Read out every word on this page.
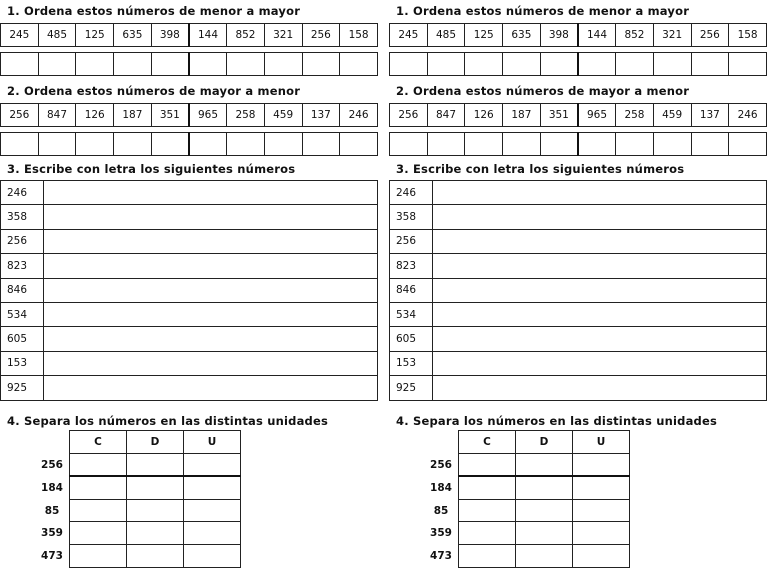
1. Ordena estos números de menor a mayor
245	485	125	635	398	144	852	321	256	158

2. Ordena estos números de mayor a menor
256	847	126	187	351	965	258	459	137	246

3. Escribe con letra los siguientes números
246	
358	
256	
823	
846	
534	
605	
153	
925	
4. Separa los números en las distintas unidades
	C	D	U
256			
184			
85			
359			
473			
1. Ordena estos números de menor a mayor
245	485	125	635	398	144	852	321	256	158

2. Ordena estos números de mayor a menor
256	847	126	187	351	965	258	459	137	246

3. Escribe con letra los siguientes números
246	
358	
256	
823	
846	
534	
605	
153	
925	
4. Separa los números en las distintas unidades
	C	D	U
256			
184			
85			
359			
473			
